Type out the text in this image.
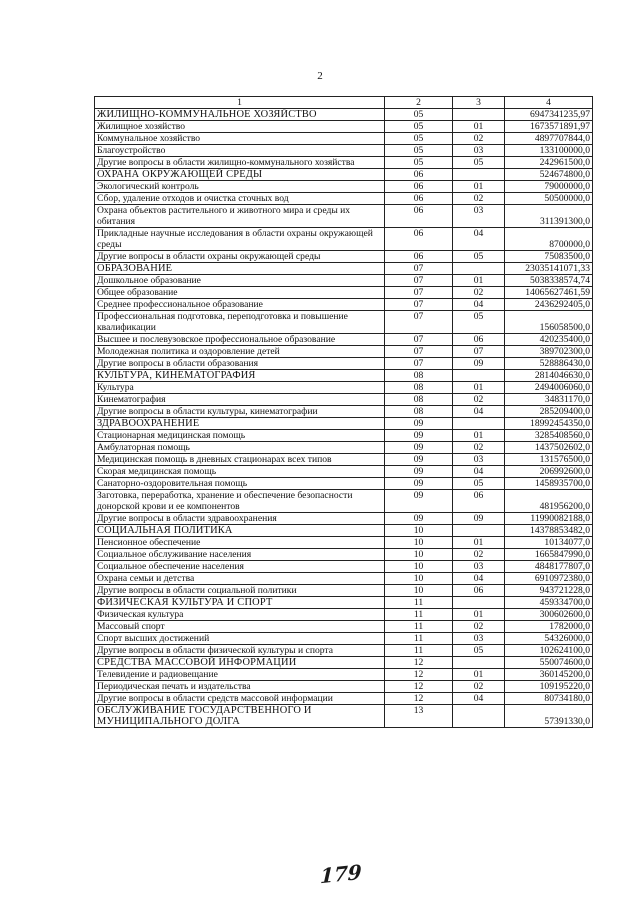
2
1	2	3	4
ЖИЛИЩНО-КОММУНАЛЬНОЕ ХОЗЯЙСТВО	05		6947341235,97
Жилищное хозяйство	05	01	1673571891,97
Коммунальное хозяйство	05	02	4897707844,0
Благоустройство	05	03	133100000,0
Другие вопросы в области жилищно-коммунального хозяйства	05	05	242961500,0
ОХРАНА ОКРУЖАЮЩЕЙ СРЕДЫ	06		524674800,0
Экологический контроль	06	01	79000000,0
Сбор, удаление отходов и очистка сточных вод	06	02	50500000,0
Охрана объектов растительного и животного мира и среды их обитания	06	03	311391300,0
Прикладные научные исследования в области охраны окружающей среды	06	04	8700000,0
Другие вопросы в области охраны окружающей среды	06	05	75083500,0
ОБРАЗОВАНИЕ	07		23035141071,33
Дошкольное образование	07	01	5038338574,74
Общее образование	07	02	14065627461,59
Среднее профессиональное образование	07	04	2436292405,0
Профессиональная подготовка, переподготовка и повышение квалификации	07	05	156058500,0
Высшее и послевузовское профессиональное образование	07	06	420235400,0
Молодежная политика и оздоровление детей	07	07	389702300,0
Другие вопросы в области образования	07	09	528886430,0
КУЛЬТУРА, КИНЕМАТОГРАФИЯ	08		2814046630,0
Культура	08	01	2494006060,0
Кинематография	08	02	34831170,0
Другие вопросы в области культуры, кинематографии	08	04	285209400,0
ЗДРАВООХРАНЕНИЕ	09		18992454350,0
Стационарная медицинская помощь	09	01	3285408560,0
Амбулаторная помощь	09	02	1437502602,0
Медицинская помощь в дневных стационарах всех типов	09	03	131576500,0
Скорая медицинская помощь	09	04	206992600,0
Санаторно-оздоровительная помощь	09	05	1458935700,0
Заготовка, переработка, хранение и обеспечение безопасности донорской крови и ее компонентов	09	06	481956200,0
Другие вопросы в области здравоохранения	09	09	11990082188,0
СОЦИАЛЬНАЯ ПОЛИТИКА	10		14378853482,0
Пенсионное обеспечение	10	01	10134077,0
Социальное обслуживание населения	10	02	1665847990,0
Социальное обеспечение населения	10	03	4848177807,0
Охрана семьи и детства	10	04	6910972380,0
Другие вопросы в области социальной политики	10	06	943721228,0
ФИЗИЧЕСКАЯ КУЛЬТУРА И СПОРТ	11		459334700,0
Физическая культура	11	01	300602600,0
Массовый спорт	11	02	1782000,0
Спорт высших достижений	11	03	54326000,0
Другие вопросы в области физической культуры и спорта	11	05	102624100,0
СРЕДСТВА МАССОВОЙ ИНФОРМАЦИИ	12		550074600,0
Телевидение и радиовещание	12	01	360145200,0
Периодическая печать и издательства	12	02	109195220,0
Другие вопросы в области средств массовой информации	12	04	80734180,0
ОБСЛУЖИВАНИЕ ГОСУДАРСТВЕННОГО И МУНИЦИПАЛЬНОГО ДОЛГА	13		57391330,0
179
